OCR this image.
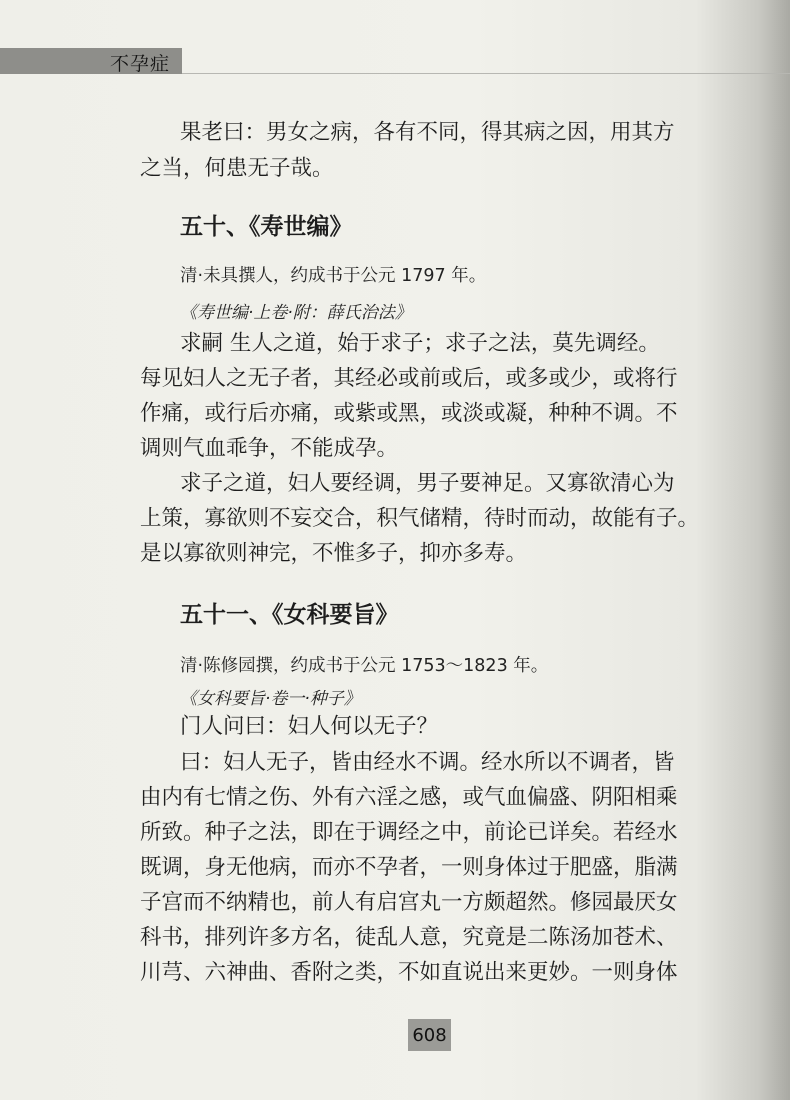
不孕症
果老曰：男女之病，各有不同，得其病之因，用其方
之当，何患无子哉。
五十、《寿世编》
清·未具撰人，约成书于公元 1797 年。
《寿世编·上卷·附：薛氏治法》
求嗣 生人之道，始于求子；求子之法，莫先调经。
每见妇人之无子者，其经必或前或后，或多或少，或将行
作痛，或行后亦痛，或紫或黑，或淡或凝，种种不调。不
调则气血乖争，不能成孕。
求子之道，妇人要经调，男子要神足。又寡欲清心为
上策，寡欲则不妄交合，积气储精，待时而动，故能有子。
是以寡欲则神完，不惟多子，抑亦多寿。
五十一、《女科要旨》
清·陈修园撰，约成书于公元 1753～1823 年。
《女科要旨·卷一·种子》
门人问曰：妇人何以无子？
曰：妇人无子，皆由经水不调。经水所以不调者，皆
由内有七情之伤、外有六淫之感，或气血偏盛、阴阳相乘
所致。种子之法，即在于调经之中，前论已详矣。若经水
既调，身无他病，而亦不孕者，一则身体过于肥盛，脂满
子宫而不纳精也，前人有启宫丸一方颇超然。修园最厌女
科书，排列许多方名，徒乱人意，究竟是二陈汤加苍术、
川芎、六神曲、香附之类，不如直说出来更妙。一则身体
608
